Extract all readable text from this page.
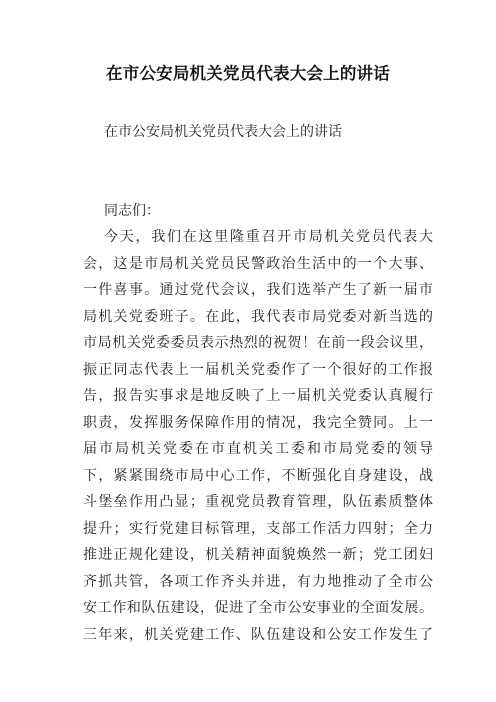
在市公安局机关党员代表大会上的讲话
在市公安局机关党员代表大会上的讲话
同志们：
今天，我们在这里隆重召开市局机关党员代表大
会，这是市局机关党员民警政治生活中的一个大事、
一件喜事。通过党代会议，我们选举产生了新一届市
局机关党委班子。在此，我代表市局党委对新当选的
市局机关党委委员表示热烈的祝贺！在前一段会议里，
振正同志代表上一届机关党委作了一个很好的工作报
告，报告实事求是地反映了上一届机关党委认真履行
职责，发挥服务保障作用的情况，我完全赞同。上一
届市局机关党委在市直机关工委和市局党委的领导
下，紧紧围绕市局中心工作，不断强化自身建设，战
斗堡垒作用凸显；重视党员教育管理，队伍素质整体
提升；实行党建目标管理，支部工作活力四射；全力
推进正规化建设，机关精神面貌焕然一新；党工团妇
齐抓共管，各项工作齐头并进，有力地推动了全市公
安工作和队伍建设，促进了全市公安事业的全面发展。
三年来，机关党建工作、队伍建设和公安工作发生了
